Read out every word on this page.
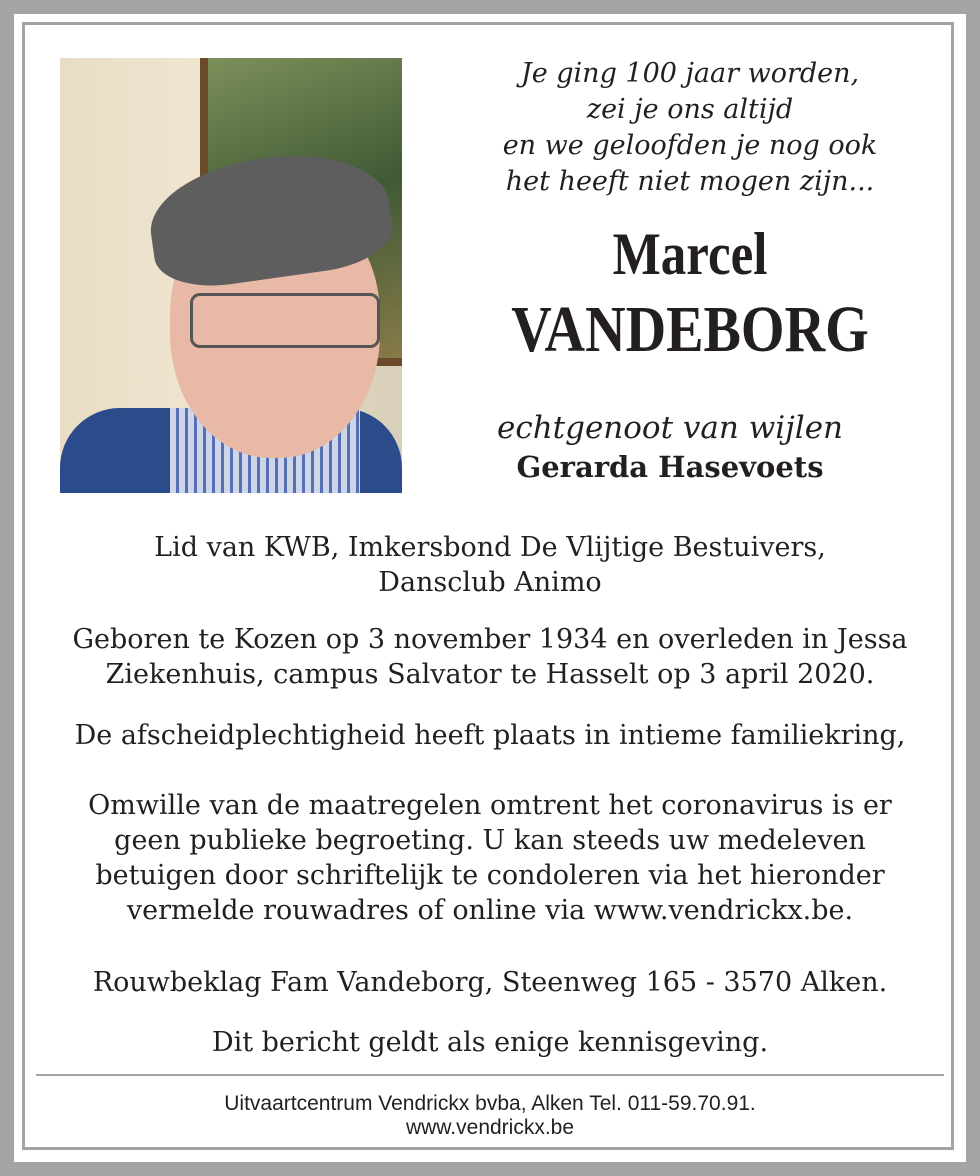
Je ging 100 jaar worden,
zei je ons altijd
en we geloofden je nog ook
het heeft niet mogen zijn...
Marcel
VANDEBORG
echtgenoot van wijlen
Gerarda Hasevoets
Lid van KWB, Imkersbond De Vlijtige Bestuivers,
Dansclub Animo
Geboren te Kozen op 3 november 1934 en overleden in Jessa
Ziekenhuis, campus Salvator te Hasselt op 3 april 2020.
De afscheidplechtigheid heeft plaats in intieme familiekring,
Omwille van de maatregelen omtrent het coronavirus is er
geen publieke begroeting. U kan steeds uw medeleven
betuigen door schriftelijk te condoleren via het hieronder
vermelde rouwadres of online via www.vendrickx.be.
Rouwbeklag Fam Vandeborg, Steenweg 165 - 3570 Alken.
Dit bericht geldt als enige kennisgeving.
Uitvaartcentrum Vendrickx bvba, Alken Tel. 011-59.70.91.
www.vendrickx.be
